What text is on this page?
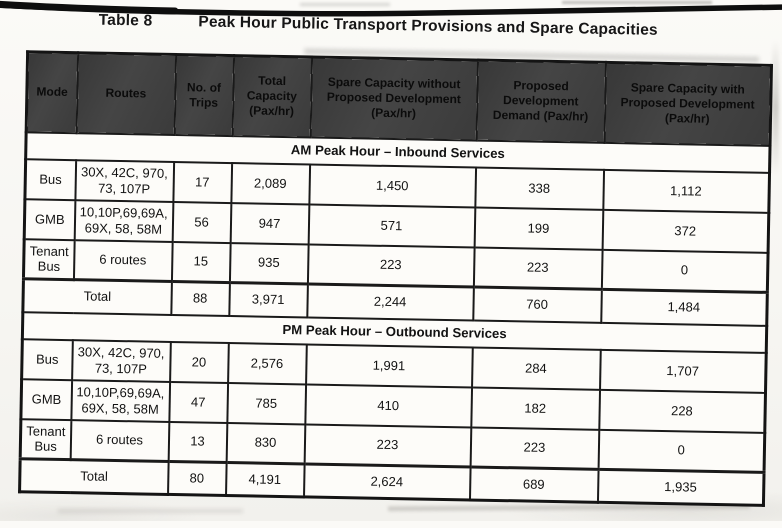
Table 8	Peak Hour Public Transport Provisions and Spare Capacities
Mode	Routes	No. of Trips	Total Capacity (Pax/hr)	Spare Capacity without Proposed Development (Pax/hr)	Proposed Development Demand (Pax/hr)	Spare Capacity with Proposed Development (Pax/hr)
AM Peak Hour – Inbound Services						
Bus	30X, 42C, 970, 73, 107P	17	2,089	1,450	338	1,112
GMB	10,10P,69,69A, 69X, 58, 58M	56	947	571	199	372
Tenant Bus	6 routes	15	935	223	223	0
Total		88	3,971	2,244	760	1,484
PM Peak Hour – Outbound Services						
Bus	30X, 42C, 970, 73, 107P	20	2,576	1,991	284	1,707
GMB	10,10P,69,69A, 69X, 58, 58M	47	785	410	182	228
Tenant Bus	6 routes	13	830	223	223	0
Total		80	4,191	2,624	689	1,935
